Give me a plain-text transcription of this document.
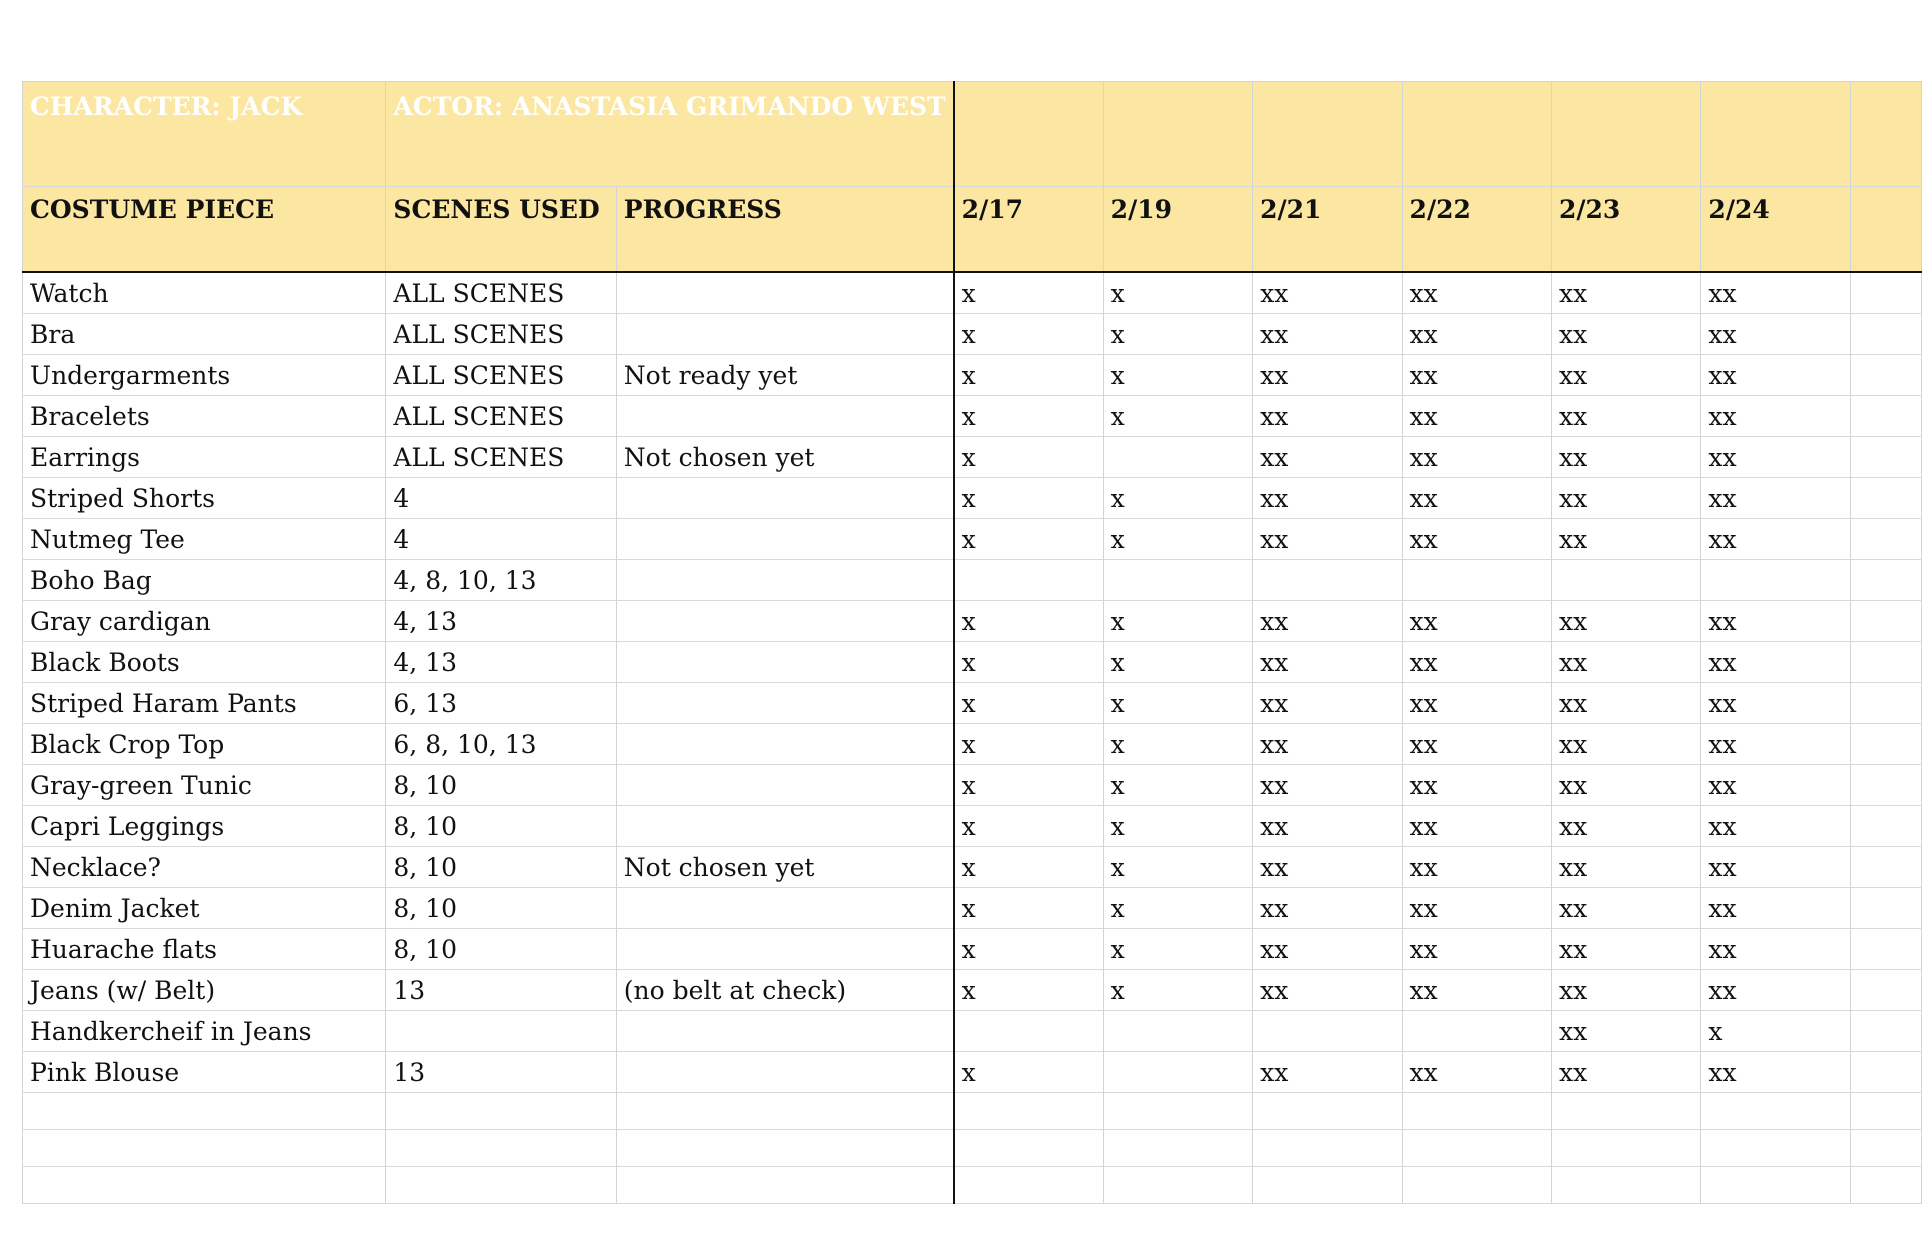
CHARACTER: JACK	ACTOR: ANASTASIA GRIMANDO WEST								
COSTUME PIECE	SCENES USED	PROGRESS	2/17	2/19	2/21	2/22	2/23	2/24	
Watch	ALL SCENES		x	x	xx	xx	xx	xx	
Bra	ALL SCENES		x	x	xx	xx	xx	xx	
Undergarments	ALL SCENES	Not ready yet	x	x	xx	xx	xx	xx	
Bracelets	ALL SCENES		x	x	xx	xx	xx	xx	
Earrings	ALL SCENES	Not chosen yet	x		xx	xx	xx	xx	
Striped Shorts	4		x	x	xx	xx	xx	xx	
Nutmeg Tee	4		x	x	xx	xx	xx	xx	
Boho Bag	4, 8, 10, 13								
Gray cardigan	4, 13		x	x	xx	xx	xx	xx	
Black Boots	4, 13		x	x	xx	xx	xx	xx	
Striped Haram Pants	6, 13		x	x	xx	xx	xx	xx	
Black Crop Top	6, 8, 10, 13		x	x	xx	xx	xx	xx	
Gray-green Tunic	8, 10		x	x	xx	xx	xx	xx	
Capri Leggings	8, 10		x	x	xx	xx	xx	xx	
Necklace?	8, 10	Not chosen yet	x	x	xx	xx	xx	xx	
Denim Jacket	8, 10		x	x	xx	xx	xx	xx	
Huarache flats	8, 10		x	x	xx	xx	xx	xx	
Jeans (w/ Belt)	13	(no belt at check)	x	x	xx	xx	xx	xx	
Handkercheif in Jeans							xx	x	
Pink Blouse	13		x		xx	xx	xx	xx	
